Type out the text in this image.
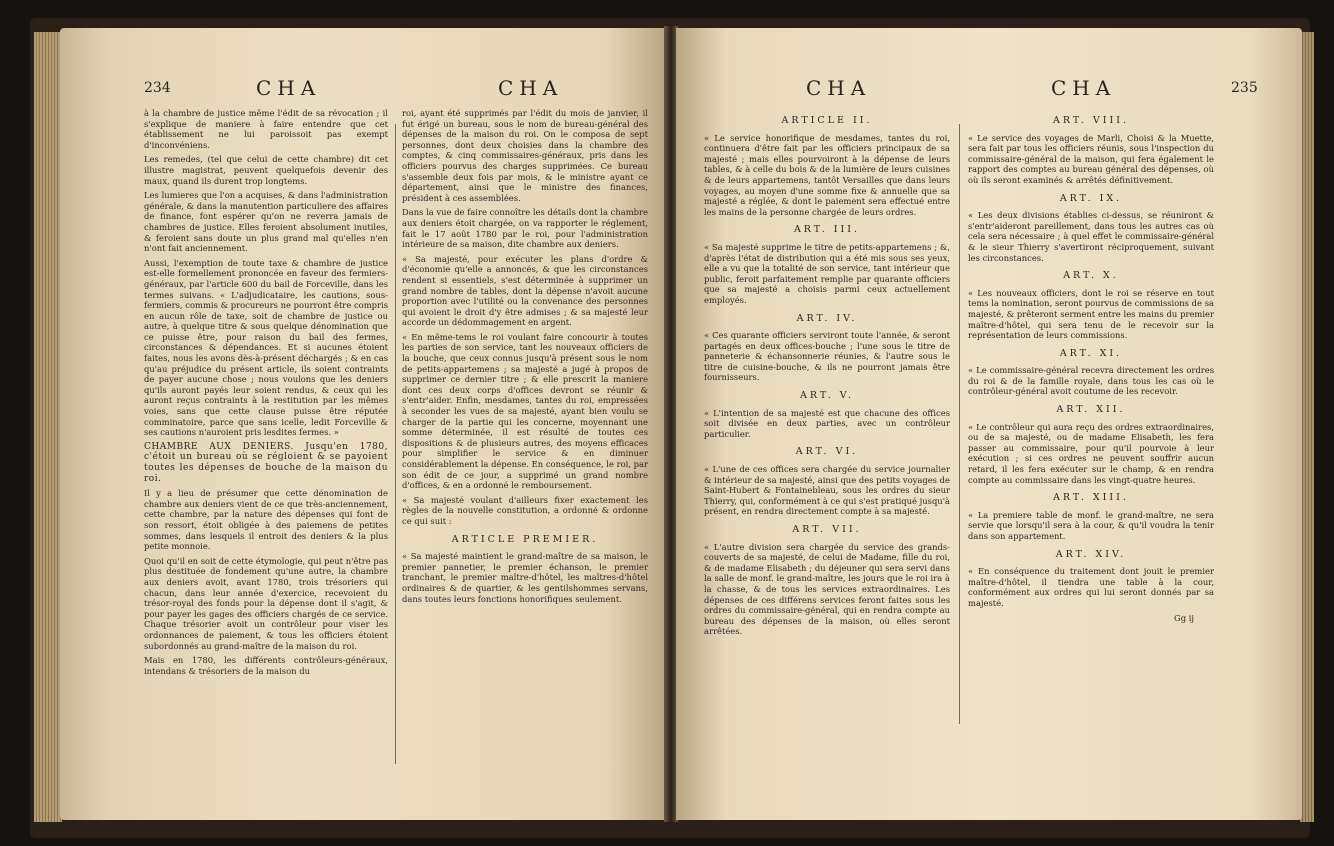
234	CHA	CHA

à la chambre de justice même l'édit de sa révocation ; il s'explique de maniere à faire entendre que cet établissement ne lui paroissoit pas exempt d'inconvéniens.

Les remedes, (tel que celui de cette chambre) dit cet illustre magistrat, peuvent quelquefois devenir des maux, quand ils durent trop longtems.

Les lumieres que l'on a acquises, & dans l'administration générale, & dans la manutention particuliere des affaires de finance, font espérer qu'on ne reverra jamais de chambres de justice. Elles feroient absolument inutiles, & feroient sans doute un plus grand mal qu'elles n'en n'ont fait anciennement.

Aussi, l'exemption de toute taxe & chambre de justice est-elle formellement prononcée en faveur des fermiers-généraux, par l'article 600 du bail de Forceville, dans les termes suivans. « L'adjudicataire, les cautions, sous-fermiers, commis & procureurs ne pourront être compris en aucun rôle de taxe, soit de chambre de justice ou autre, à quelque titre & sous quelque dénomination que ce puisse être, pour raison du bail des fermes, circonstances & dépendances. Et si aucunes étoient faites, nous les avons dès-à-présent déchargés ; & en cas qu'au préjudice du présent article, ils soient contraints de payer aucune chose ; nous voulons que les deniers qu'ils auront payés leur soient rendus, & ceux qui les auront reçus contraints à la restitution par les mêmes voies, sans que cette clause puisse être réputée comminatoire, parce que sans icelle, ledit Forceville & ses cautions n'auroient pris lesdites fermes. »

CHAMBRE AUX DENIERS. Jusqu'en 1780, c'étoit un bureau où se régloient & se payoient toutes les dépenses de bouche de la maison du roi.

Il y a lieu de présumer que cette dénomination de chambre aux deniers vient de ce que très-anciennement, cette chambre, par la nature des dépenses qui font de son ressort, étoit obligée à des paiemens de petites sommes, dans lesquels il entroit des deniers & la plus petite monnoie.

Quoi qu'il en soit de cette étymologie, qui peut n'être pas plus destituée de fondement qu'une autre, la chambre aux deniers avoit, avant 1780, trois trésoriers qui chacun, dans leur année d'exercice, recevoient du trésor-royal des fonds pour la dépense dont il s'agit, & pour payer les gages des officiers chargés de ce service. Chaque trésorier avoit un contrôleur pour viser les ordonnances de paiement, & tous les officiers étoient subordonnés au grand-maître de la maison du roi.

Mais en 1780, les différents contrôleurs-généraux, intendans & trésoriers de la maison du

roi, ayant été supprimés par l'édit du mois de janvier, il fut érigé un bureau, sous le nom de bureau-général des dépenses de la maison du roi. On le composa de sept personnes, dont deux choisies dans la chambre des comptes, & cinq commissaires-généraux, pris dans les officiers pourvus des charges supprimées. Ce bureau s'assemble deux fois par mois, & le ministre ayant ce département, ainsi que le ministre des finances, président à ces assemblées.

Dans la vue de faire connoître les détails dont la chambre aux deniers étoit chargée, on va rapporter le réglement, fait le 17 août 1780 par le roi, pour l'administration intérieure de sa maison, dite chambre aux deniers.

« Sa majesté, pour exécuter les plans d'ordre & d'économie qu'elle a annoncés, & que les circonstances rendent si essentiels, s'est déterminée à supprimer un grand nombre de tables, dont la dépense n'avoit aucune proportion avec l'utilité ou la convenance des personnes qui avoient le droit d'y être admises ; & sa majesté leur accorde un dédommagement en argent.

« En même-tems le roi voulant faire concourir à toutes les parties de son service, tant les nouveaux officiers de la bouche, que ceux connus jusqu'à présent sous le nom de petits-appartemens ; sa majesté a jugé à propos de supprimer ce dernier titre ; & elle prescrit la maniere dont ces deux corps d'offices devront se réunir & s'entr'aider. Enfin, mesdames, tantes du roi, empressées à seconder les vues de sa majesté, ayant bien voulu se charger de la partie qui les concerne, moyennant une somme déterminée, il est résulté de toutes ces dispositions & de plusieurs autres, des moyens efficaces pour simplifier le service & en diminuer considérablement la dépense. En conséquence, le roi, par son édit de ce jour, a supprimé un grand nombre d'offices, & en a ordonné le remboursement.

« Sa majesté voulant d'ailleurs fixer exactement les règles de la nouvelle constitution, a ordonné & ordonne ce qui suit :

ARTICLE PREMIER.

« Sa majesté maintient le grand-maître de sa maison, le premier pannetier, le premier échanson, le premier tranchant, le premier maître-d'hôtel, les maîtres-d'hôtel ordinaires & de quartier, & les gentilshommes servans, dans toutes leurs fonctions honorifiques seulement.

CHA	CHA	235

ARTICLE II.

« Le service honorifique de mesdames, tantes du roi, continuera d'être fait par les officiers principaux de sa majesté ; mais elles pourvoiront à la dépense de leurs tables, & à celle du bois & de la lumière de leurs cuisines & de leurs appartemens, tantôt Versailles que dans leurs voyages, au moyen d'une somme fixe & annuelle que sa majesté a réglée, & dont le paiement sera effectué entre les mains de la personne chargée de leurs ordres.

ART. III.

« Sa majesté supprime le titre de petits-appartemens ; &, d'après l'état de distribution qui a été mis sous ses yeux, elle a vu que la totalité de son service, tant intérieur que public, feroit parfaitement remplie par quarante officiers que sa majesté a choisis parmi ceux actuellement employés.

ART. IV.

« Ces quarante officiers serviront toute l'année, & seront partagés en deux offices-bouche ; l'une sous le titre de panneterie & échansonnerie réunies, & l'autre sous le titre de cuisine-bouche, & ils ne pourront jamais être fournisseurs.

ART. V.

« L'intention de sa majesté est que chacune des offices soit divisée en deux parties, avec un contrôleur particulier.

ART. VI.

« L'une de ces offices sera chargée du service journalier & intérieur de sa majesté, ainsi que des petits voyages de Saint-Hubert & Fontainebleau, sous les ordres du sieur Thierry, qui, conformément à ce qui s'est pratiqué jusqu'à présent, en rendra directement compte à sa majesté.

ART. VII.

« L'autre division sera chargée du service des grands-couverts de sa majesté, de celui de Madame, fille du roi, & de madame Elisabeth ; du déjeuner qui sera servi dans la salle de monf. le grand-maître, les jours que le roi ira à la chasse, & de tous les services extraordinaires. Les dépenses de ces différens services feront faites sous les ordres du commissaire-général, qui en rendra compte au bureau des dépenses de la maison, où elles seront arrêtées.

ART. VIII.

« Le service des voyages de Marli, Choisi & la Muette, sera fait par tous les officiers réunis, sous l'inspection du commissaire-général de la maison, qui fera également le rapport des comptes au bureau général des dépenses, où où ils seront examinés & arrêtés définitivement.

ART. IX.

« Les deux divisions établies ci-dessus, se réuniront & s'entr'aideront pareillement, dans tous les autres cas où cela sera nécessaire ; à quel effet le commissaire-général & le sieur Thierry s'avertiront réciproquement, suivant les circonstances.

ART. X.

« Les nouveaux officiers, dont le roi se réserve en tout tems la nomination, seront pourvus de commissions de sa majesté, & prêteront serment entre les mains du premier maître-d'hôtel, qui sera tenu de le recevoir sur la représentation de leurs commissions.

ART. XI.

« Le commissaire-général recevra directement les ordres du roi & de la famille royale, dans tous les cas où le contrôleur-général avoit coutume de les recevoir.

ART. XII.

« Le contrôleur qui aura reçu des ordres extraordinaires, ou de sa majesté, ou de madame Elisabeth, les fera passer au commissaire, pour qu'il pourvoie à leur exécution ; si ces ordres ne peuvent souffrir aucun retard, il les fera exécuter sur le champ, & en rendra compte au commissaire dans les vingt-quatre heures.

ART. XIII.

« La premiere table de monf. le grand-maître, ne sera servie que lorsqu'il sera à la cour, & qu'il voudra la tenir dans son appartement.

ART. XIV.

« En conséquence du traitement dont jouit le premier maître-d'hôtel, il tiendra une table à la cour, conformément aux ordres qui lui seront donnés par sa majesté.

Gg ij
